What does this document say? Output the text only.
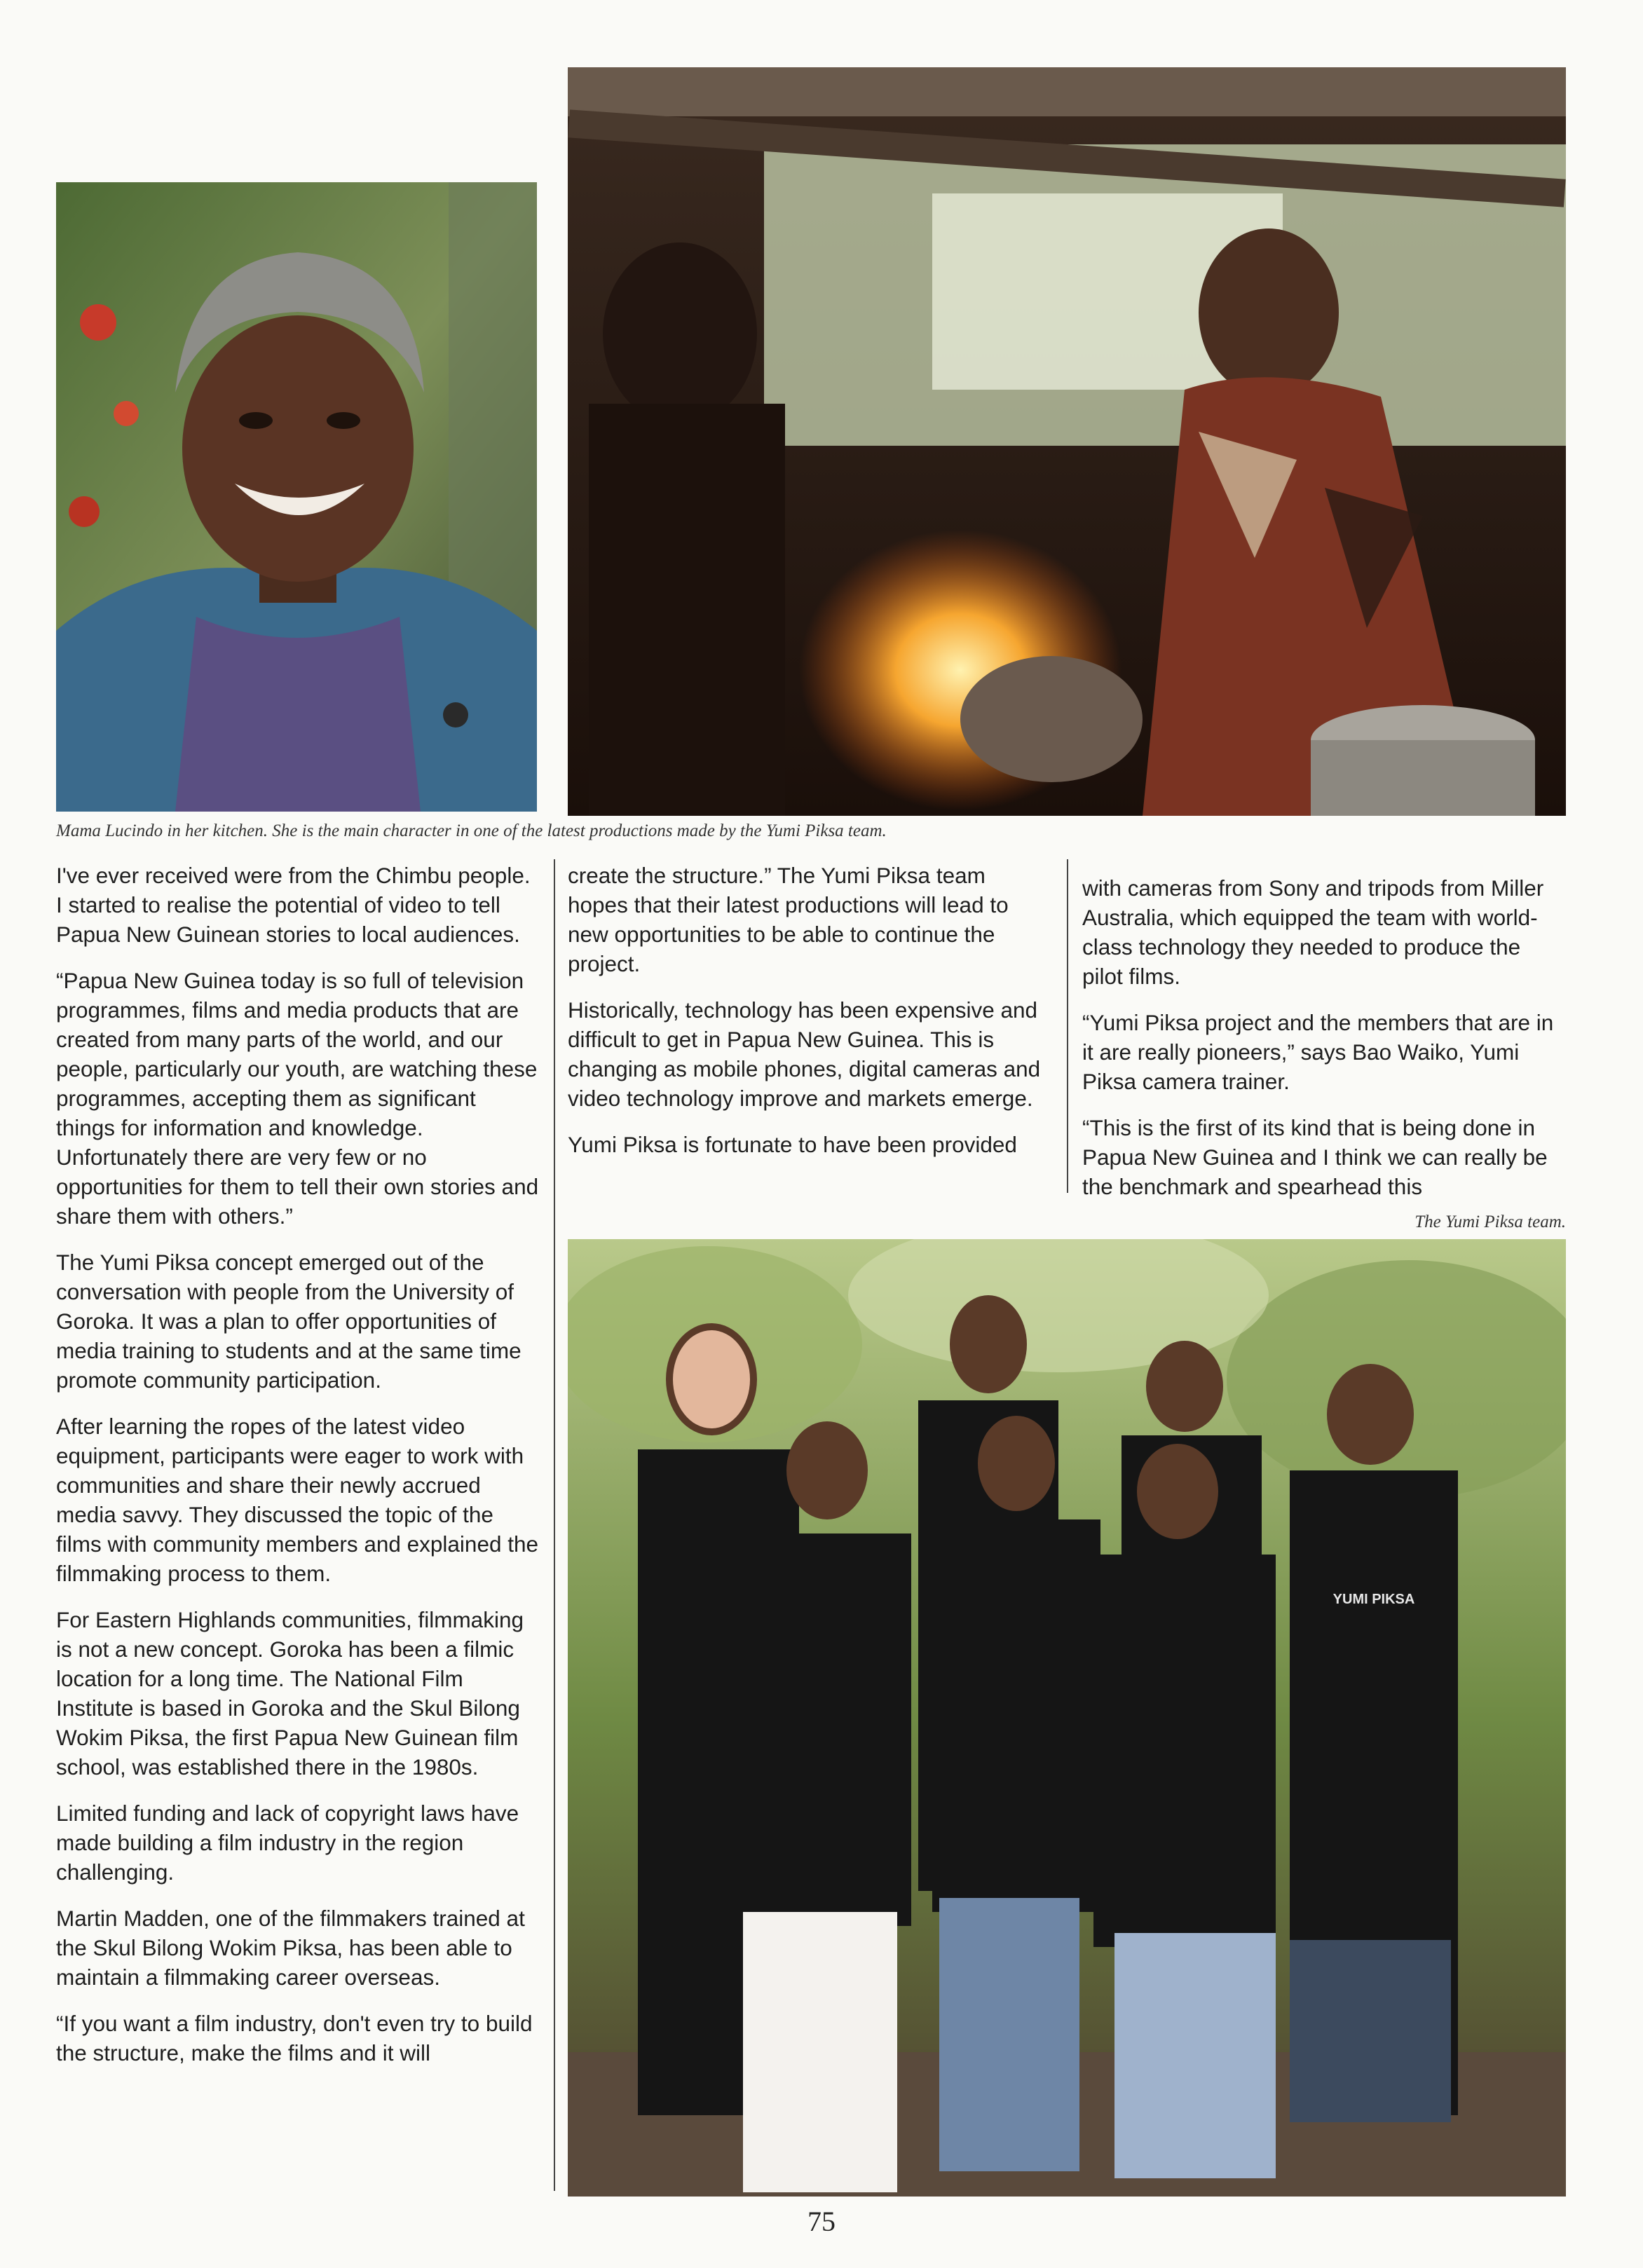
Mama Lucindo in her kitchen. She is the main character in one of the latest productions made by the Yumi Piksa team.

I've ever received were from the Chimbu people. I started to realise the potential of video to tell Papua New Guinean stories to local audiences.

“Papua New Guinea today is so full of television programmes, films and media products that are created from many parts of the world, and our people, particularly our youth, are watching these programmes, accepting them as significant things for information and knowledge. Unfortunately there are very few or no opportunities for them to tell their own stories and share them with others.”

The Yumi Piksa concept emerged out of the conversation with people from the University of Goroka. It was a plan to offer opportunities of media training to students and at the same time promote community participation.

After learning the ropes of the latest video equipment, participants were eager to work with communities and share their newly accrued media savvy. They discussed the topic of the films with community members and explained the filmmaking process to them.

For Eastern Highlands communities, filmmaking is not a new concept. Goroka has been a filmic location for a long time. The National Film Institute is based in Goroka and the Skul Bilong Wokim Piksa, the first Papua New Guinean film school, was established there in the 1980s.

Limited funding and lack of copyright laws have made building a film industry in the region challenging.

Martin Madden, one of the filmmakers trained at the Skul Bilong Wokim Piksa, has been able to maintain a filmmaking career overseas.

“If you want a film industry, don't even try to build the structure, make the films and it will

create the structure.” The Yumi Piksa team hopes that their latest productions will lead to new opportunities to be able to continue the project.

Historically, technology has been expensive and difficult to get in Papua New Guinea. This is changing as mobile phones, digital cameras and video technology improve and markets emerge.

Yumi Piksa is fortunate to have been provided

with cameras from Sony and tripods from Miller Australia, which equipped the team with world-class technology they needed to produce the pilot films.

“Yumi Piksa project and the members that are in it are really pioneers,” says Bao Waiko, Yumi Piksa camera trainer.

“This is the first of its kind that is being done in Papua New Guinea and I think we can really be the benchmark and spearhead this

The Yumi Piksa team.

YUMI PIKSA
75
